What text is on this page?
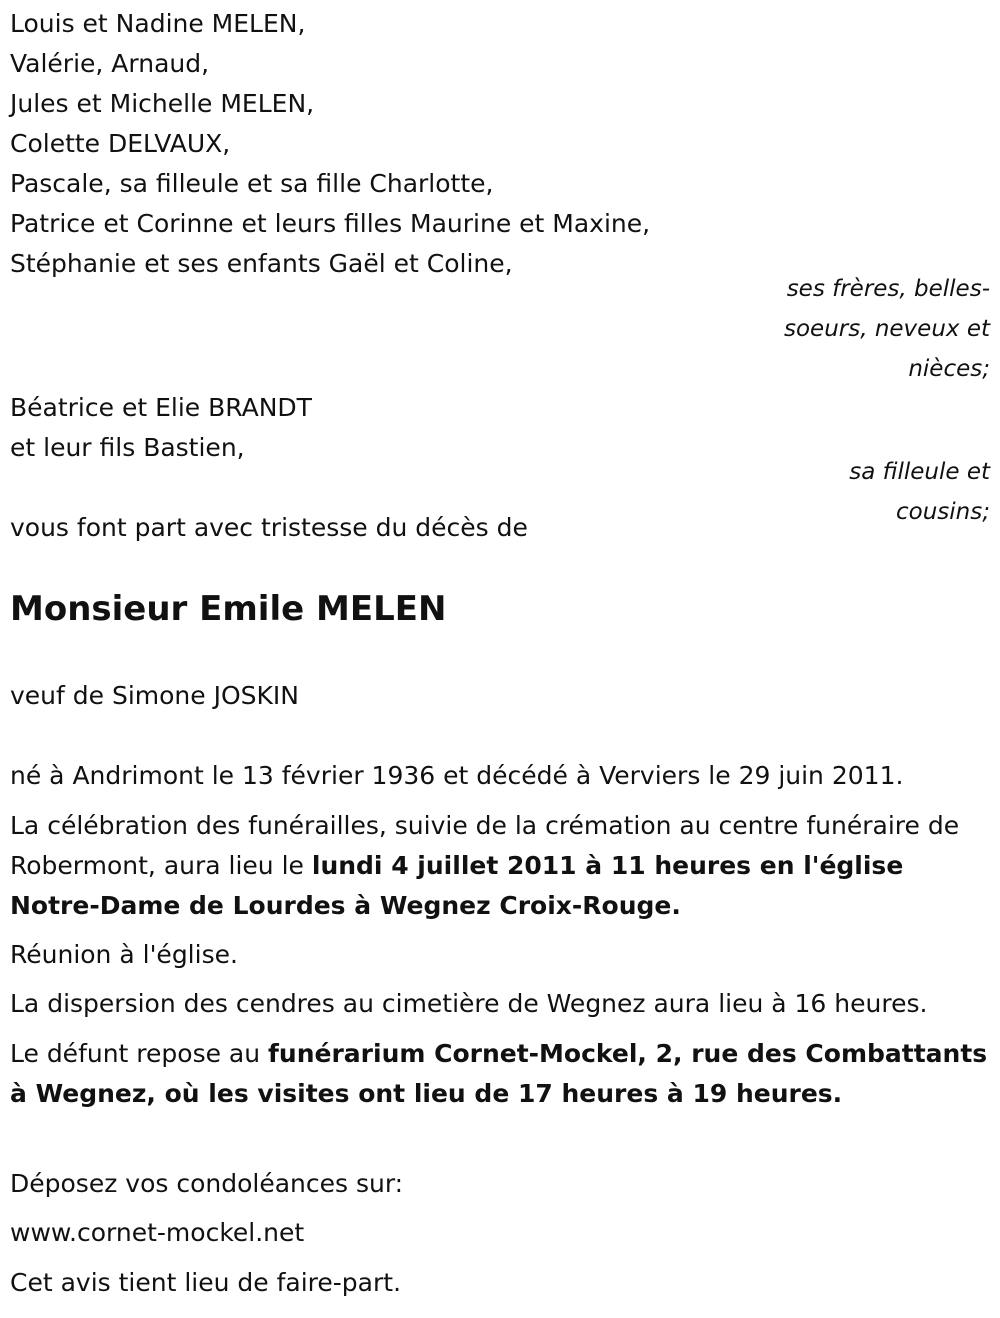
Louis et Nadine MELEN,
Valérie, Arnaud,
Jules et Michelle MELEN,
Colette DELVAUX,
Pascale, sa filleule et sa fille Charlotte,
Patrice et Corinne et leurs filles Maurine et Maxine,
Stéphanie et ses enfants Gaël et Coline,
ses frères, belles-
soeurs, neveux et
nièces;
Béatrice et Elie BRANDT
et leur fils Bastien,
sa filleule et
cousins;
vous font part avec tristesse du décès de
Monsieur Emile MELEN
veuf de Simone JOSKIN
né à Andrimont le 13 février 1936 et décédé à Verviers le 29 juin 2011.
La célébration des funérailles, suivie de la crémation au centre funéraire de Robermont, aura lieu le lundi 4 juillet 2011 à 11 heures en l'église Notre-Dame de Lourdes à Wegnez Croix-Rouge.
Réunion à l'église.
La dispersion des cendres au cimetière de Wegnez aura lieu à 16 heures.
Le défunt repose au funérarium Cornet-Mockel, 2, rue des Combattants à Wegnez, où les visites ont lieu de 17 heures à 19 heures.
Déposez vos condoléances sur:
www.cornet-mockel.net
Cet avis tient lieu de faire-part.
